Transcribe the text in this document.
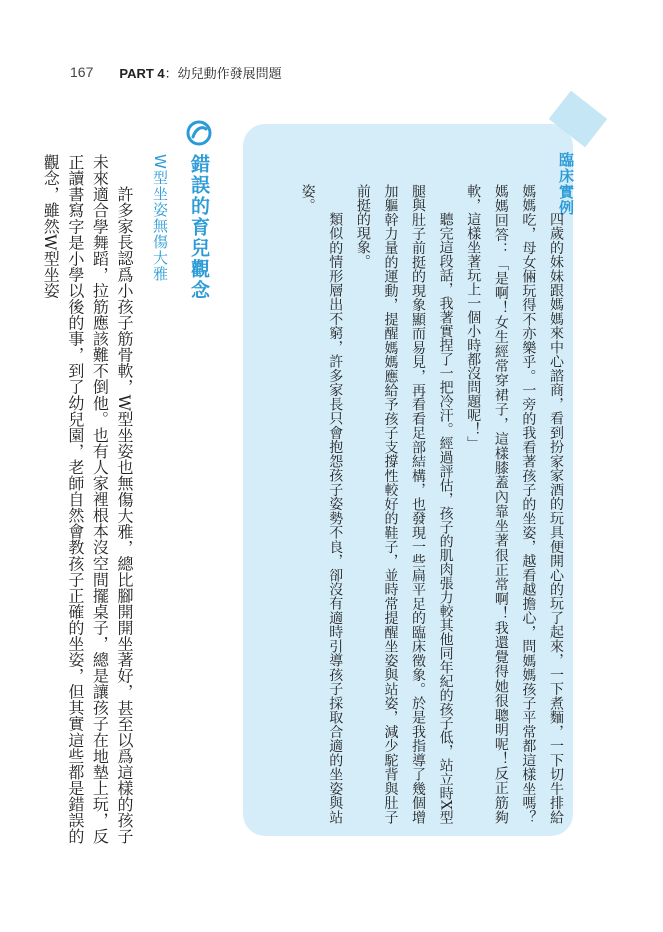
167 PART 4：幼兒動作發展問題
臨床實例

四歲的妹妹跟媽媽來中心諮商，看到扮家家酒的玩具便開心的玩了起來，一下煮麵，一下切牛排給媽媽吃，母女倆玩得不亦樂乎。一旁的我看著孩子的坐姿，越看越擔心，問媽媽孩子平常都這樣坐嗎？媽媽回答：「是啊！女生經常穿裙子，這樣膝蓋內靠坐著很正常啊！我還覺得她很聰明呢！反正筋夠軟，這樣坐著玩上一個小時都沒問題呢！」

聽完這段話，我著實捏了一把冷汗。經過評估，孩子的肌肉張力較其他同年紀的孩子低，站立時X型腿與肚子前挺的現象顯而易見，再看看足部結構，也發現一些扁平足的臨床徵象。於是我指導了幾個增加軀幹力量的運動，提醒媽媽應給予孩子支撐性較好的鞋子，並時常提醒坐姿與站姿，減少駝背與肚子前挺的現象。

類似的情形層出不窮，許多家長只會抱怨孩子姿勢不良，卻沒有適時引導孩子採取合適的坐姿與站姿。

錯誤的育兒觀念
W型坐姿無傷大雅

許多家長認爲小孩子筋骨軟，W型坐姿也無傷大雅，總比腳開開坐著好，甚至以爲這樣的孩子未來適合學舞蹈，拉筋應該難不倒他。也有人家裡根本沒空間擺桌子，總是讓孩子在地墊上玩，反正讀書寫字是小學以後的事，到了幼兒園，老師自然會教孩子正確的坐姿，但其實這些都是錯誤的觀念，雖然W型坐姿
